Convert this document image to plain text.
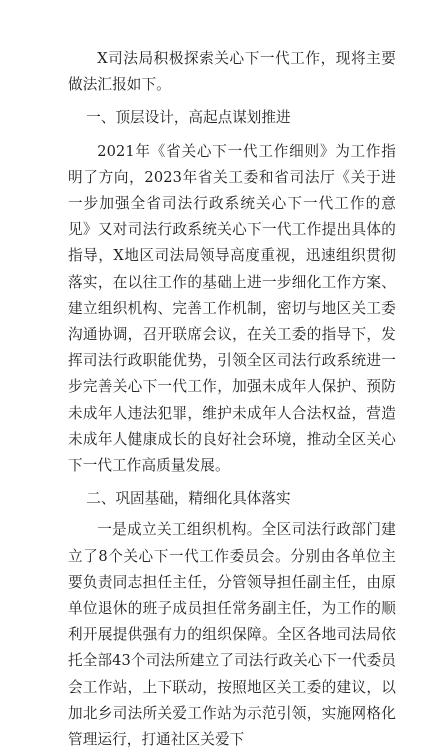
X司法局积极探索关心下一代工作，现将主要做法汇报如下。

一、顶层设计，高起点谋划推进

2021年《省关心下一代工作细则》为工作指明了方向，2023年省关工委和省司法厅《关于进一步加强全省司法行政系统关心下一代工作的意见》又对司法行政系统关心下一代工作提出具体的指导，X地区司法局领导高度重视，迅速组织贯彻落实，在以往工作的基础上进一步细化工作方案、建立组织机构、完善工作机制，密切与地区关工委沟通协调，召开联席会议，在关工委的指导下，发挥司法行政职能优势，引领全区司法行政系统进一步完善关心下一代工作，加强未成年人保护、预防未成年人违法犯罪，维护未成年人合法权益，营造未成年人健康成长的良好社会环境，推动全区关心下一代工作高质量发展。

二、巩固基础，精细化具体落实

一是成立关工组织机构。全区司法行政部门建立了8个关心下一代工作委员会。分别由各单位主要负责同志担任主任，分管领导担任副主任，由原单位退休的班子成员担任常务副主任，为工作的顺利开展提供强有力的组织保障。全区各地司法局依托全部43个司法所建立了司法行政关心下一代委员会工作站，上下联动，按照地区关工委的建议，以加北乡司法所关爱工作站为示范引领，实施网格化管理运行，打通社区关爱下
